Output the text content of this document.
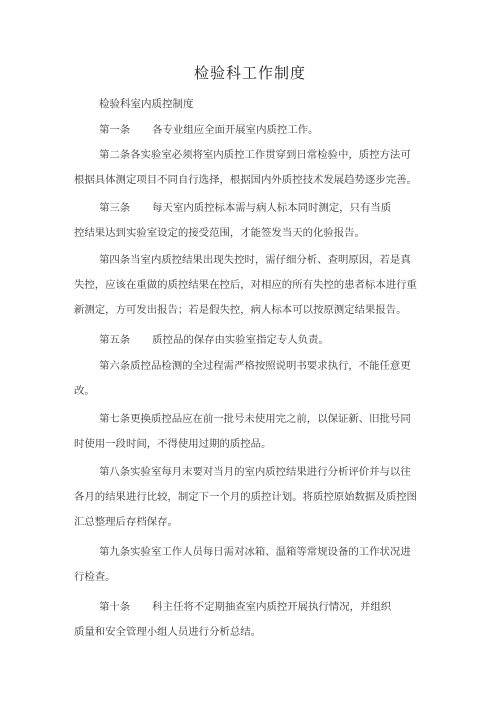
检验科工作制度
检验科室内质控制度
第一条 各专业组应全面开展室内质控工作。
第二条各实验室必须将室内质控工作贯穿到日常检验中，质控方法可
根据具体测定项目不同自行选择，根据国内外质控技术发展趋势逐步完善。
第三条 每天室内质控标本需与病人标本同时测定，只有当质
控结果达到实验室设定的接受范围，才能签发当天的化验报告。
第四条当室内质控结果出现失控时，需仔细分析、查明原因，若是真
失控，应该在重做的质控结果在控后，对相应的所有失控的患者标本进行重
新测定，方可发出报告；若是假失控，病人标本可以按原测定结果报告。
第五条 质控品的保存由实验室指定专人负责。
第六条质控品检测的全过程需严格按照说明书要求执行，不能任意更
改。
第七条更换质控品应在前一批号未使用完之前，以保证新、旧批号同
时使用一段时间，不得使用过期的质控品。
第八条实验室每月末要对当月的室内质控结果进行分析评价并与以往
各月的结果进行比较，制定下一个月的质控计划。将质控原始数据及质控图
汇总整理后存档保存。
第九条实验室工作人员每日需对冰箱、温箱等常规设备的工作状况进
行检查。
第十条 科主任将不定期抽查室内质控开展执行情况，并组织
质量和安全管理小组人员进行分析总结。
